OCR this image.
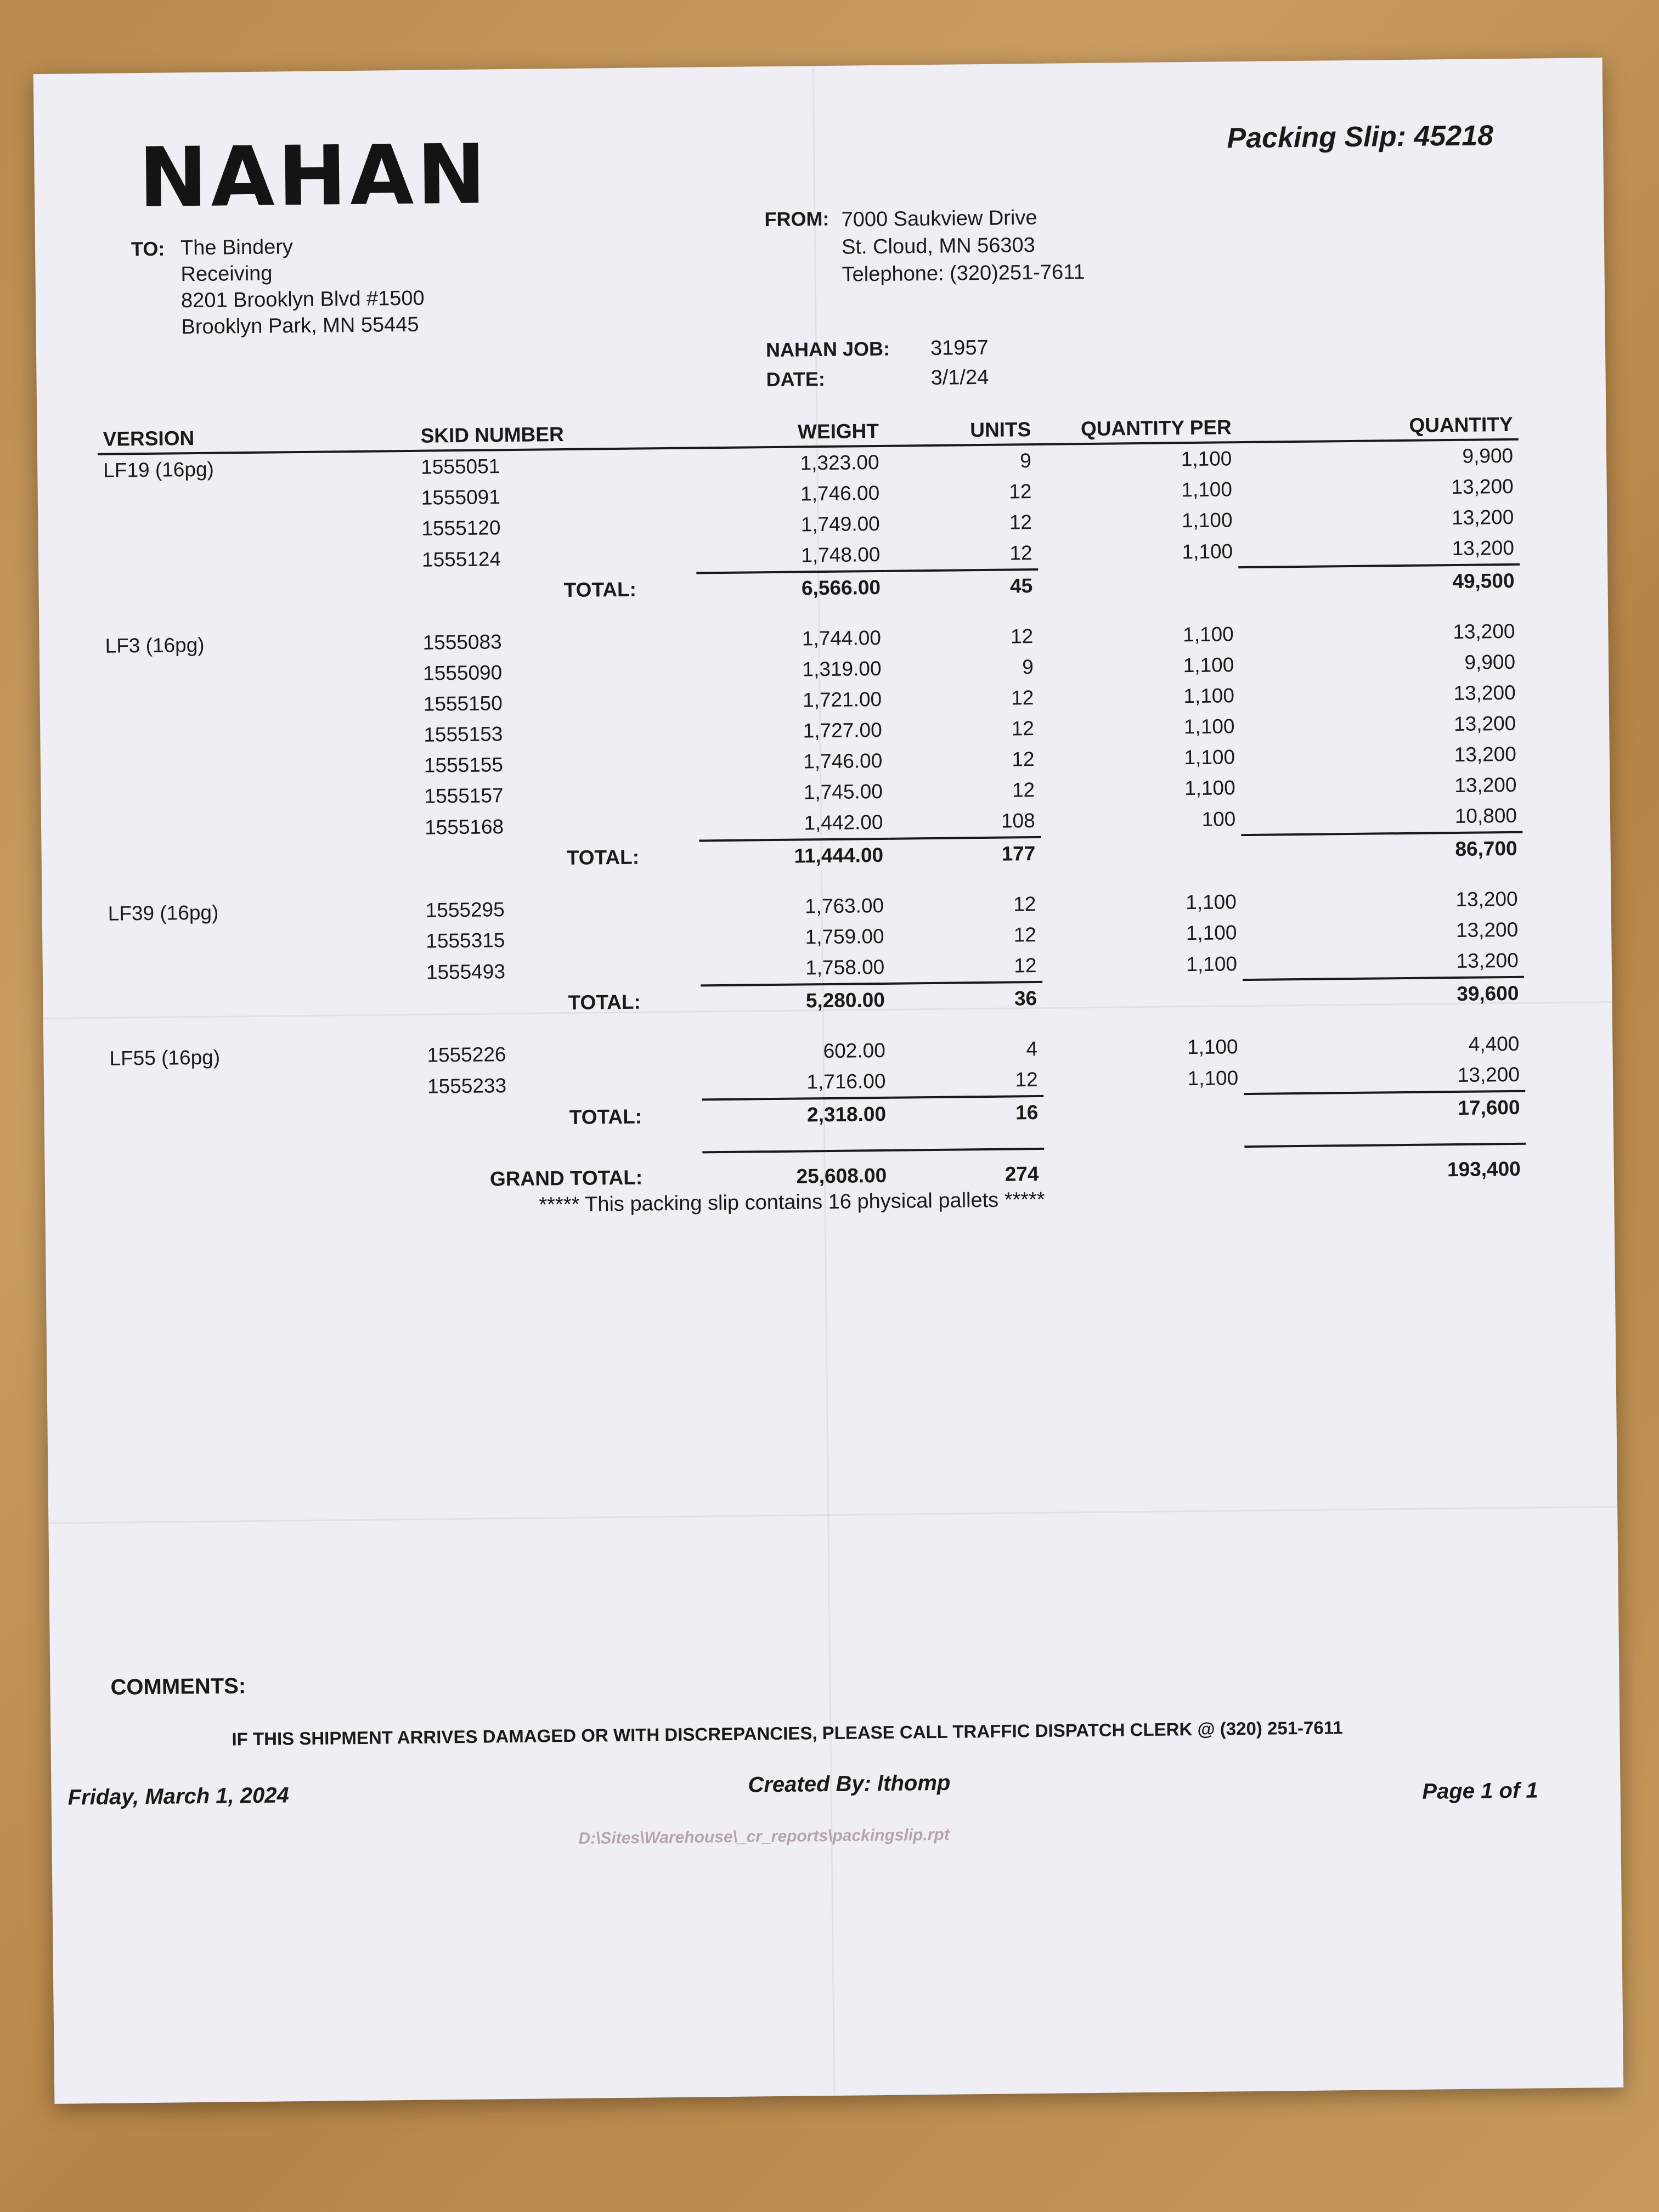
NAHAN	Packing Slip: 45218
TO: The Bindery
Receiving
8201 Brooklyn Blvd #1500
Brooklyn Park, MN 55445
FROM: 7000 Saukview Drive
St. Cloud, MN 56303
Telephone: (320)251-7611
NAHAN JOB: 31957
DATE:	3/1/24
VERSION	SKID NUMBER	WEIGHT	UNITS	QUANTITY PER	QUANTITY
LF19 (16pg)	1555051	1,323.00	9	1,100	9,900
	1555091	1,746.00	12	1,100	13,200
	1555120	1,749.00	12	1,100	13,200
	1555124	1,748.00	12	1,100	13,200
	TOTAL:	6,566.00	45		49,500
LF3 (16pg)	1555083	1,744.00	12	1,100	13,200
	1555090	1,319.00	9	1,100	9,900
	1555150	1,721.00	12	1,100	13,200
	1555153	1,727.00	12	1,100	13,200
	1555155	1,746.00	12	1,100	13,200
	1555157	1,745.00	12	1,100	13,200
	1555168	1,442.00	108	100	10,800
	TOTAL:	11,444.00	177		86,700
LF39 (16pg)	1555295	1,763.00	12	1,100	13,200
	1555315	1,759.00	12	1,100	13,200
	1555493	1,758.00	12	1,100	13,200
	TOTAL:	5,280.00	36		39,600
LF55 (16pg)	1555226	602.00	4	1,100	4,400
	1555233	1,716.00	12	1,100	13,200
	TOTAL:	2,318.00	16		17,600
	GRAND TOTAL:	25,608.00	274		193,400
***** This packing slip contains 16 physical pallets *****
COMMENTS:
IF THIS SHIPMENT ARRIVES DAMAGED OR WITH DISCREPANCIES, PLEASE CALL TRAFFIC DISPATCH CLERK @ (320) 251-7611
Friday, March 1, 2024	Created By: lthomp	Page 1 of 1
D:\Sites\Warehouse\_cr_reports\packingslip.rpt
